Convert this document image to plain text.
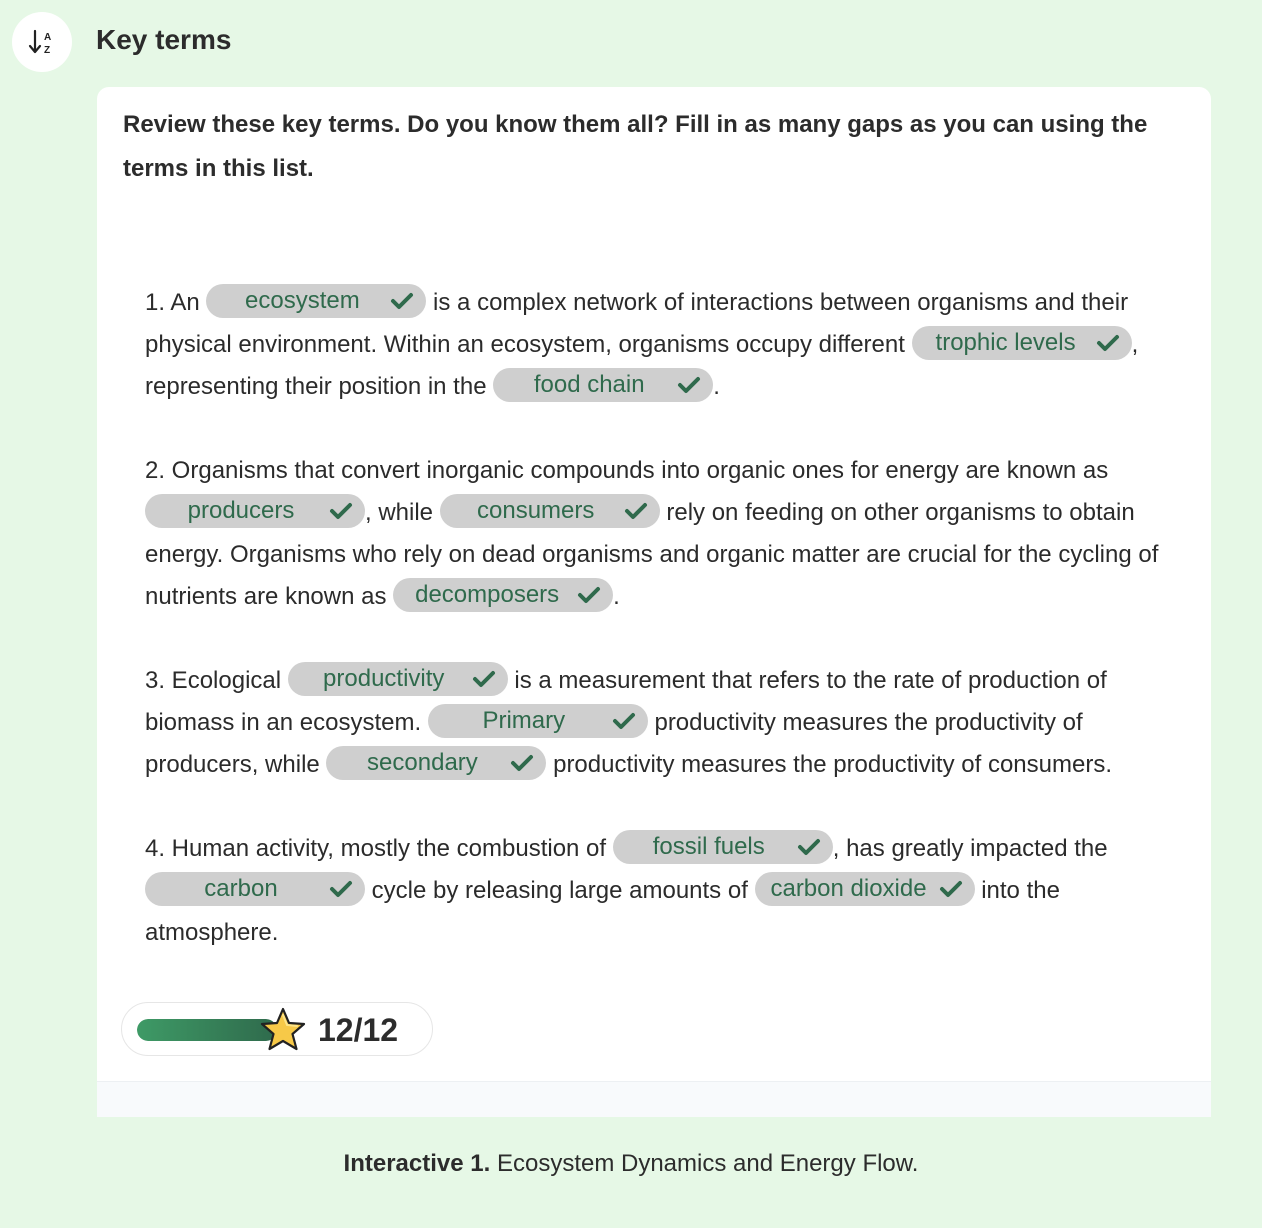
A
Z Key terms
Review these key terms. Do you know them all? Fill in as many gaps as you can using the terms in this list.
1. An	ecosystem	is a complex network of interactions between organisms and their physical environment. Within an ecosystem, organisms occupy different trophic levels	, representing their position in the	food chain	.
2. Organisms that convert inorganic compounds into organic ones for energy are known as
producers	, while	consumers	rely on feeding on other organisms to obtain energy. Organisms who rely on dead organisms and organic matter are crucial for the cycling of nutrients are known as decomposers	.
3. Ecological	productivity	is a measurement that refers to the rate of production of biomass in an ecosystem.	Primary	productivity measures the productivity of producers, while	secondary	productivity measures the productivity of consumers.
4. Human activity, mostly the combustion of	fossil fuels	, has greatly impacted the
carbon	cycle by releasing large amounts of carbon dioxide	into the atmosphere.
12/12
Interactive 1. Ecosystem Dynamics and Energy Flow.
